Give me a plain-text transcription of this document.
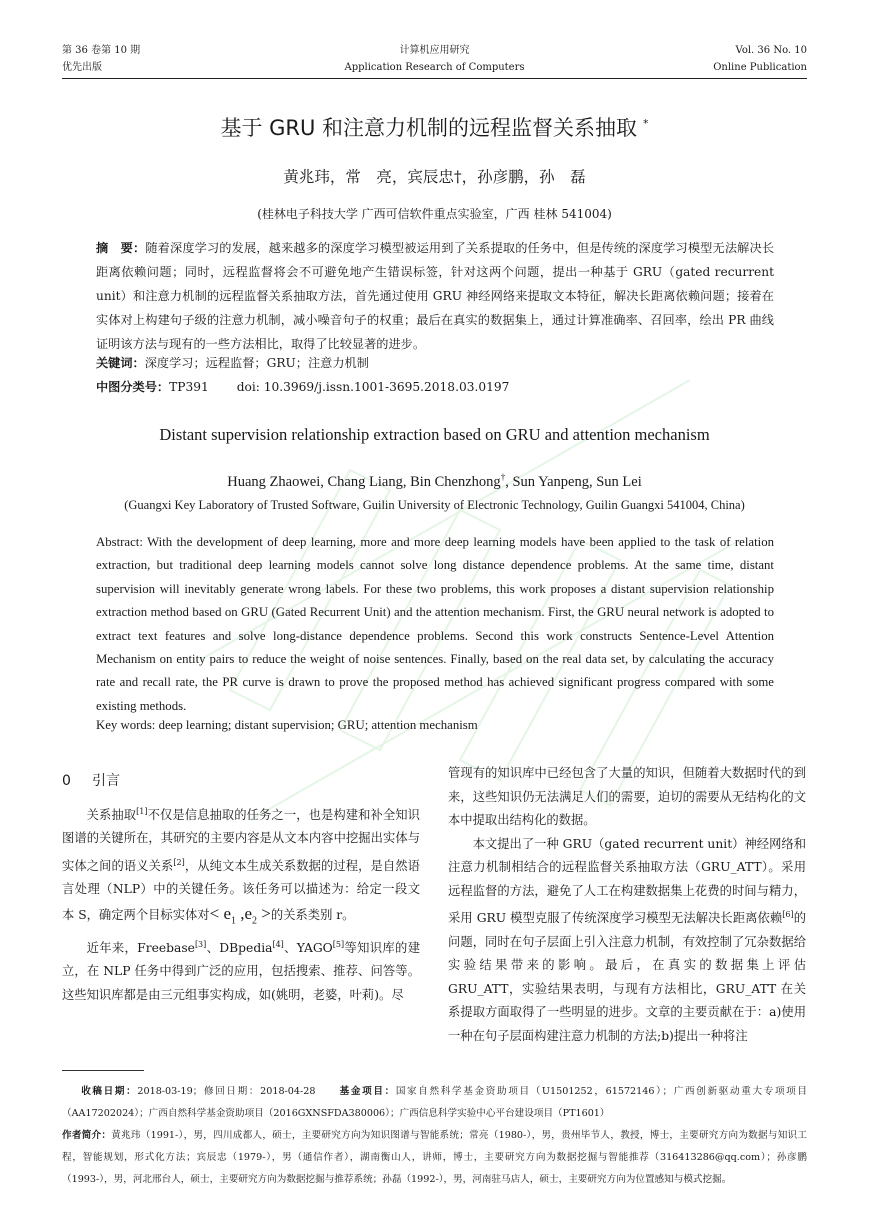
第 36 卷第 10 期
优先出版
计算机应用研究
Application Research of Computers
Vol. 36 No. 10
Online Publication
基于 GRU 和注意力机制的远程监督关系抽取 *
黄兆玮，常　亮，宾辰忠†，孙彦鹏，孙　磊
(桂林电子科技大学 广西可信软件重点实验室，广西 桂林 541004)
摘　要：随着深度学习的发展，越来越多的深度学习模型被运用到了关系提取的任务中，但是传统的深度学习模型无法解决长距离依赖问题；同时，远程监督将会不可避免地产生错误标签，针对这两个问题，提出一种基于 GRU（gated recurrent unit）和注意力机制的远程监督关系抽取方法，首先通过使用 GRU 神经网络来提取文本特征，解决长距离依赖问题；接着在实体对上构建句子级的注意力机制，减小噪音句子的权重；最后在真实的数据集上，通过计算准确率、召回率，绘出 PR 曲线证明该方法与现有的一些方法相比，取得了比较显著的进步。
关键词：深度学习；远程监督；GRU；注意力机制
中图分类号：TP391 doi: 10.3969/j.issn.1001-3695.2018.03.0197
Distant supervision relationship extraction based on GRU and attention mechanism
Huang Zhaowei, Chang Liang, Bin Chenzhong†, Sun Yanpeng, Sun Lei
(Guangxi Key Laboratory of Trusted Software, Guilin University of Electronic Technology, Guilin Guangxi 541004, China)
Abstract: With the development of deep learning, more and more deep learning models have been applied to the task of relation extraction, but traditional deep learning models cannot solve long distance dependence problems. At the same time, distant supervision will inevitably generate wrong labels. For these two problems, this work proposes a distant supervision relationship extraction method based on GRU (Gated Recurrent Unit) and the attention mechanism. First, the GRU neural network is adopted to extract text features and solve long-distance dependence problems. Second this work constructs Sentence-Level Attention Mechanism on entity pairs to reduce the weight of noise sentences. Finally, based on the real data set, by calculating the accuracy rate and recall rate, the PR curve is drawn to prove the proposed method has achieved significant progress compared with some existing methods.
Key words: deep learning; distant supervision; GRU; attention mechanism
0 引言

关系抽取[1]不仅是信息抽取的任务之一，也是构建和补全知识图谱的关键所在，其研究的主要内容是从文本内容中挖掘出实体与实体之间的语义关系[2]，从纯文本生成关系数据的过程，是自然语言处理（NLP）中的关键任务。该任务可以描述为：给定一段文本 S，确定两个目标实体对< $e_1$ $,e_2$ >的关系类别 r。

近年来，Freebase[3]、DBpedia[4]、YAGO[5]等知识库的建立，在 NLP 任务中得到广泛的应用，包括搜索、推荐、问答等。这些知识库都是由三元组事实构成，如(姚明，老婆，叶莉)。尽

管现有的知识库中已经包含了大量的知识，但随着大数据时代的到来，这些知识仍无法满足人们的需要，迫切的需要从无结构化的文本中提取出结构化的数据。

本文提出了一种 GRU（gated recurrent unit）神经网络和注意力机制相结合的远程监督关系抽取方法（GRU_ATT）。采用远程监督的方法，避免了人工在构建数据集上花费的时间与精力，采用 GRU 模型克服了传统深度学习模型无法解决长距离依赖[6]的问题，同时在句子层面上引入注意力机制，有效控制了冗杂数据给实验结果带来的影响。最后，在真实的数据集上评估 GRU_ATT，实验结果表明，与现有方法相比，GRU_ATT 在关系提取方面取得了一些明显的进步。文章的主要贡献在于：a)使用一种在句子层面构建注意力机制的方法;b)提出一种将注

收稿日期：2018-03-19；修回日期：2018-04-28　　	基金项目：国家自然科学基金资助项目（U1501252，61572146）；广西创新驱动重大专项项目（AA17202024）；广西自然科学基金资助项目（2016GXNSFDA380006）；广西信息科学实验中心平台建设项目（PT1601）
作者简介：黄兆玮（1991-），男，四川成都人，硕士，主要研究方向为知识图谱与智能系统；常亮（1980-），男，贵州毕节人，教授，博士，主要研究方向为数据与知识工程，智能规划，形式化方法；宾辰忠（1979-），男（通信作者），湖南衡山人，讲师，博士，主要研究方向为数据挖掘与智能推荐（316413286@qq.com）；孙彦鹏（1993-），男，河北邢台人，硕士，主要研究方向为数据挖掘与推荐系统；孙磊（1992-），男，河南驻马店人，硕士，主要研究方向为位置感知与模式挖掘。
